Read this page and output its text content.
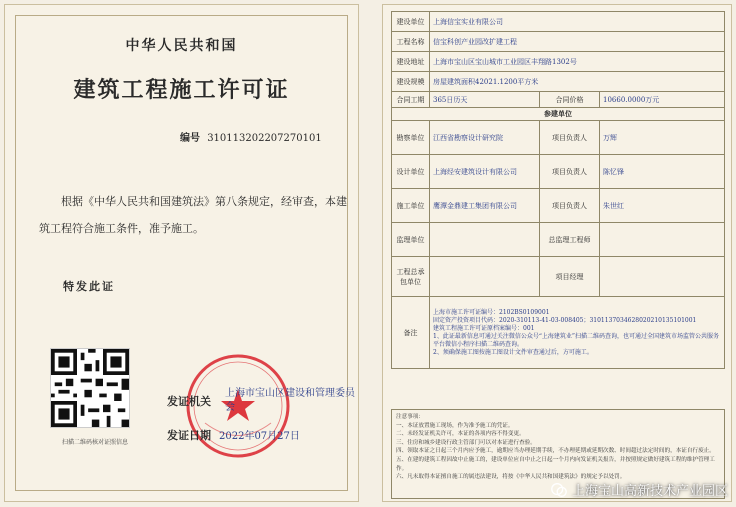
中华人民共和国
建筑工程施工许可证
编号 310113202207270101
根据《中华人民共和国建筑法》第八条规定，经审查，本建筑工程符合施工条件，准予施工。
特发此证
扫描二维码核对证照信息
发证机关
上海市宝山区建设和管理委员会
发证日期 2022年07月27日
建设单位	上海信宝实业有限公司		
工程名称	信宝科创产业园改扩建工程		
建设地址	上海市宝山区宝山城市工业园区丰翔路1302号		
建设规模	房屋建筑面积42021.1200平方米		
合同工期	365日历天	合同价格	10660.0000万元
参建单位			
勘察单位	江西省勘察设计研究院	项目负责人	万辉
设计单位	上海经安建筑设计有限公司	项目负责人	陈忆锋
施工单位	鹰潭金鼎建工集团有限公司	项目负责人	朱世红
监理单位		总监理工程师	
工程总承包单位		项目经理	
备注	上海市施工许可证编号：2102BS0109001
固定资产投资项目代码：2020-310113-41-03-008405；3101137034628020210135101001
建筑工程施工许可证原档案编号：001
1、此证最新信息可通过关注微信公众号“上海建筑业”扫描二维码查询，也可通过全国建筑市场监管公共服务平台微信小程序扫描二维码查询。
2、须确保施工图按施工图设计文件审查通过后，方可施工。		
注意事项：
一、本证放置施工现场，作为准予施工的凭证。
二、未经发证机关许可，本证的各项内容不得变更。
三、住房和城乡建设行政主管部门可以对本证进行查验。
四、领取本证之日起三个月内应予施工，逾期应当办理延期手续，不办理延期或延期次数、时间超过法定时间的，本证自行废止。
五、在建的建筑工程因故中止施工的，建设单位应自中止之日起一个月内向发证机关报告，并按照规定做好建筑工程的维护管理工作。
六、凡未取得本证擅自施工的属违法建设，将按《中华人民共和国建筑法》的规定予以处罚。
上海宝山高新技术产业园区
